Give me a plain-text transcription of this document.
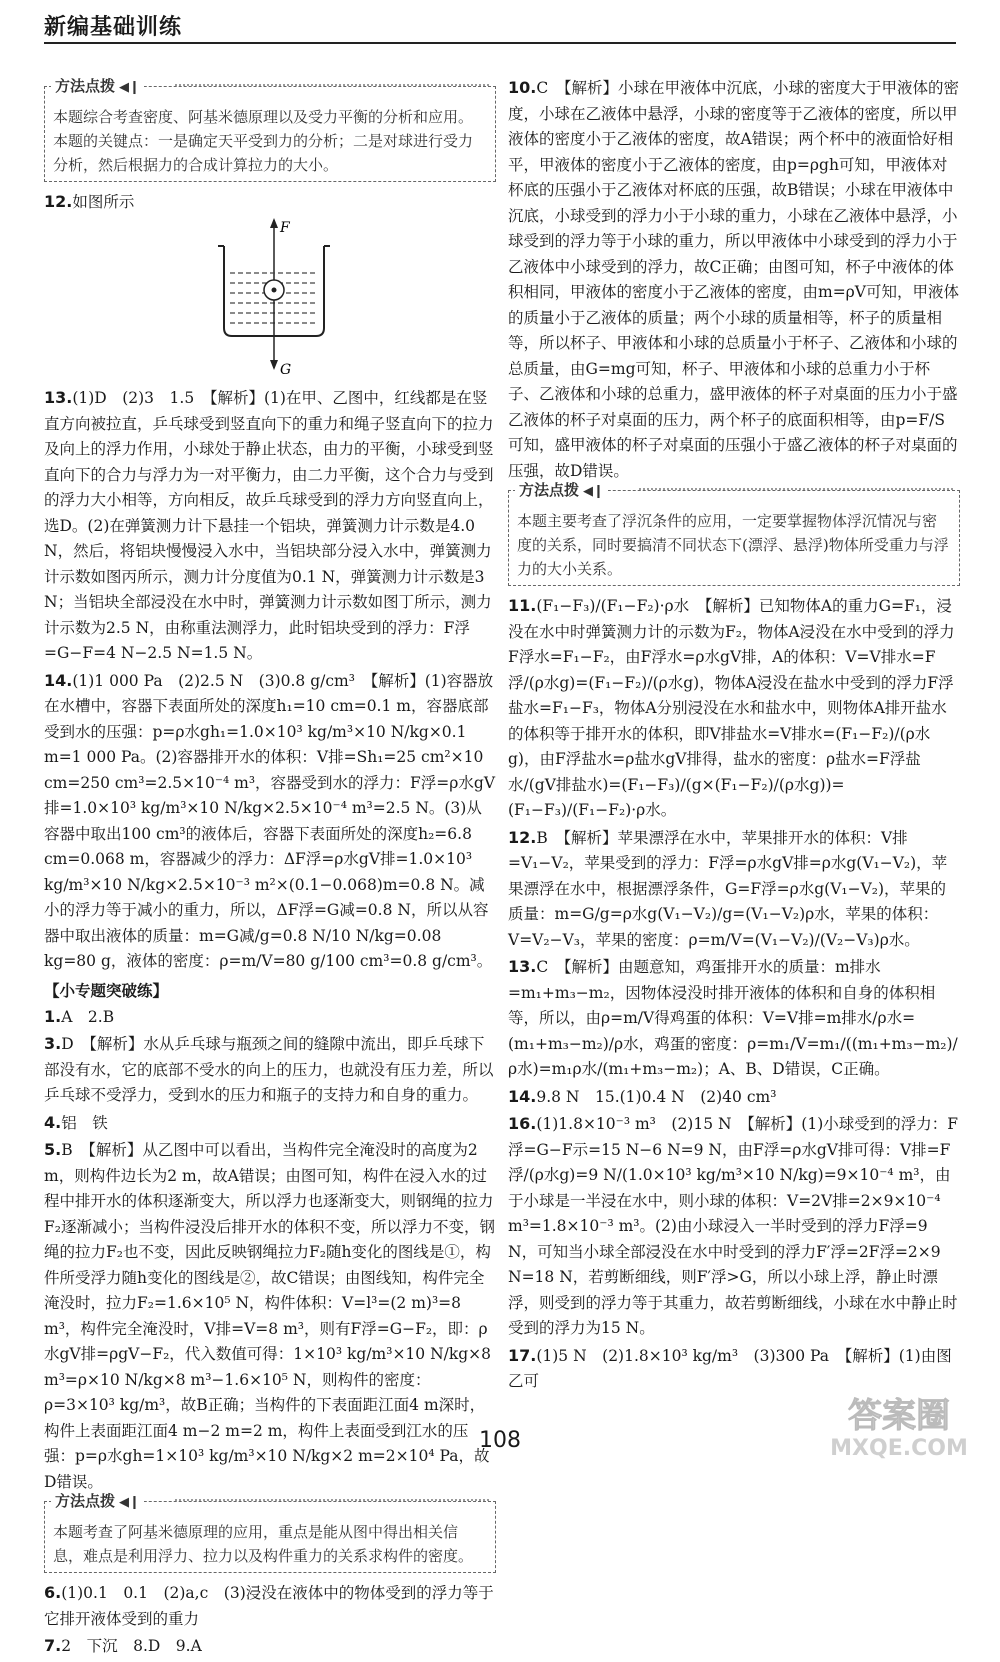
新编基础训练
方法点拨 ◀❙
本题综合考查密度、阿基米德原理以及受力平衡的分析和应用。本题的关键点：一是确定天平受到力的分析；二是对球进行受力分析，然后根据力的合成计算拉力的大小。
12.如图所示
F
G
13.(1)D　(2)3　1.5　【解析】(1)在甲、乙图中，红线都是在竖直方向被拉直，乒乓球受到竖直向下的重力和绳子竖直向下的拉力及向上的浮力作用，小球处于静止状态，由力的平衡，小球受到竖直向下的合力与浮力为一对平衡力，由二力平衡，这个合力与受到的浮力大小相等，方向相反，故乒乓球受到的浮力方向竖直向上，选D。(2)在弹簧测力计下悬挂一个铝块，弹簧测力计示数是4.0 N，然后，将铝块慢慢浸入水中，当铝块部分浸入水中，弹簧测力计示数如图丙所示，测力计分度值为0.1 N，弹簧测力计示数是3 N；当铝块全部浸没在水中时，弹簧测力计示数如图丁所示，测力计示数为2.5 N，由称重法测浮力，此时铝块受到的浮力：F浮=G−F=4 N−2.5 N=1.5 N。
14.(1)1 000 Pa　(2)2.5 N　(3)0.8 g/cm³　【解析】(1)容器放在水槽中，容器下表面所处的深度h₁=10 cm=0.1 m，容器底部受到水的压强：p=ρ水gh₁=1.0×10³ kg/m³×10 N/kg×0.1 m=1 000 Pa。(2)容器排开水的体积：V排=Sh₁=25 cm²×10 cm=250 cm³=2.5×10⁻⁴ m³，容器受到水的浮力：F浮=ρ水gV排=1.0×10³ kg/m³×10 N/kg×2.5×10⁻⁴ m³=2.5 N。(3)从容器中取出100 cm³的液体后，容器下表面所处的深度h₂=6.8 cm=0.068 m，容器减少的浮力：ΔF浮=ρ水gV排=1.0×10³ kg/m³×10 N/kg×2.5×10⁻³ m²×(0.1−0.068)m=0.8 N。减小的浮力等于减小的重力，所以，ΔF浮=G减=0.8 N，所以从容器中取出液体的质量：m=G减/g=0.8 N/10 N/kg=0.08 kg=80 g，液体的密度：ρ=m/V=80 g/100 cm³=0.8 g/cm³。
【小专题突破练】
1.A　2.B
3.D　【解析】水从乒乓球与瓶颈之间的缝隙中流出，即乒乓球下部没有水，它的底部不受水的向上的压力，也就没有压力差，所以乒乓球不受浮力，受到水的压力和瓶子的支持力和自身的重力。
4.铝　铁
5.B　【解析】从乙图中可以看出，当构件完全淹没时的高度为2 m，则构件边长为2 m，故A错误；由图可知，构件在浸入水的过程中排开水的体积逐渐变大，所以浮力也逐渐变大，则钢绳的拉力F₂逐渐减小；当构件浸没后排开水的体积不变，所以浮力不变，钢绳的拉力F₂也不变，因此反映钢绳拉力F₂随h变化的图线是①，构件所受浮力随h变化的图线是②，故C错误；由图线知，构件完全淹没时，拉力F₂=1.6×10⁵ N，构件体积：V=l³=(2 m)³=8 m³，构件完全淹没时，V排=V=8 m³，则有F浮=G−F₂，即：ρ水gV排=ρgV−F₂，代入数值可得：1×10³ kg/m³×10 N/kg×8 m³=ρ×10 N/kg×8 m³−1.6×10⁵ N，则构件的密度：ρ=3×10³ kg/m³，故B正确；当构件的下表面距江面4 m深时，构件上表面距江面4 m−2 m=2 m，构件上表面受到江水的压强：p=ρ水gh=1×10³ kg/m³×10 N/kg×2 m=2×10⁴ Pa，故D错误。
方法点拨 ◀❙
本题考查了阿基米德原理的应用，重点是能从图中得出相关信息，难点是利用浮力、拉力以及构件重力的关系求构件的密度。
6.(1)0.1　0.1　(2)a,c　(3)浸没在液体中的物体受到的浮力等于它排开液体受到的重力
7.2　下沉　8.D　9.A
10.C　【解析】小球在甲液体中沉底，小球的密度大于甲液体的密度，小球在乙液体中悬浮，小球的密度等于乙液体的密度，所以甲液体的密度小于乙液体的密度，故A错误；两个杯中的液面恰好相平，甲液体的密度小于乙液体的密度，由p=ρgh可知，甲液体对杯底的压强小于乙液体对杯底的压强，故B错误；小球在甲液体中沉底，小球受到的浮力小于小球的重力，小球在乙液体中悬浮，小球受到的浮力等于小球的重力，所以甲液体中小球受到的浮力小于乙液体中小球受到的浮力，故C正确；由图可知，杯子中液体的体积相同，甲液体的密度小于乙液体的密度，由m=ρV可知，甲液体的质量小于乙液体的质量；两个小球的质量相等，杯子的质量相等，所以杯子、甲液体和小球的总质量小于杯子、乙液体和小球的总质量，由G=mg可知，杯子、甲液体和小球的总重力小于杯子、乙液体和小球的总重力，盛甲液体的杯子对桌面的压力小于盛乙液体的杯子对桌面的压力，两个杯子的底面积相等，由p=F/S可知，盛甲液体的杯子对桌面的压强小于盛乙液体的杯子对桌面的压强，故D错误。
方法点拨 ◀❙
本题主要考查了浮沉条件的应用，一定要掌握物体浮沉情况与密度的关系，同时要搞清不同状态下(漂浮、悬浮)物体所受重力与浮力的大小关系。
11.(F₁−F₃)/(F₁−F₂)·ρ水　【解析】已知物体A的重力G=F₁，浸没在水中时弹簧测力计的示数为F₂，物体A浸没在水中受到的浮力F浮水=F₁−F₂，由F浮水=ρ水gV排，A的体积：V=V排水=F浮/(ρ水g)=(F₁−F₂)/(ρ水g)，物体A浸没在盐水中受到的浮力F浮盐水=F₁−F₃，物体A分别浸没在水和盐水中，则物体A排开盐水的体积等于排开水的体积，即V排盐水=V排水=(F₁−F₂)/(ρ水g)，由F浮盐水=ρ盐水gV排得，盐水的密度：ρ盐水=F浮盐水/(gV排盐水)=(F₁−F₃)/(g×(F₁−F₂)/(ρ水g))=(F₁−F₃)/(F₁−F₂)·ρ水。
12.B　【解析】苹果漂浮在水中，苹果排开水的体积：V排=V₁−V₂，苹果受到的浮力：F浮=ρ水gV排=ρ水g(V₁−V₂)，苹果漂浮在水中，根据漂浮条件，G=F浮=ρ水g(V₁−V₂)，苹果的质量：m=G/g=ρ水g(V₁−V₂)/g=(V₁−V₂)ρ水，苹果的体积：V=V₂−V₃，苹果的密度：ρ=m/V=(V₁−V₂)/(V₂−V₃)ρ水。
13.C　【解析】由题意知，鸡蛋排开水的质量：m排水=m₁+m₃−m₂，因物体浸没时排开液体的体积和自身的体积相等，所以，由ρ=m/V得鸡蛋的体积：V=V排=m排水/ρ水=(m₁+m₃−m₂)/ρ水，鸡蛋的密度：ρ=m₁/V=m₁/((m₁+m₃−m₂)/ρ水)=m₁ρ水/(m₁+m₃−m₂)；A、B、D错误，C正确。
14.9.8 N　15.(1)0.4 N　(2)40 cm³
16.(1)1.8×10⁻³ m³　(2)15 N　【解析】(1)小球受到的浮力：F浮=G−F示=15 N−6 N=9 N，由F浮=ρ水gV排可得：V排=F浮/(ρ水g)=9 N/(1.0×10³ kg/m³×10 N/kg)=9×10⁻⁴ m³，由于小球是一半浸在水中，则小球的体积：V=2V排=2×9×10⁻⁴ m³=1.8×10⁻³ m³。(2)由小球浸入一半时受到的浮力F浮=9 N，可知当小球全部浸没在水中时受到的浮力F′浮=2F浮=2×9 N=18 N，若剪断细线，则F′浮>G，所以小球上浮，静止时漂浮，则受到的浮力等于其重力，故若剪断细线，小球在水中静止时受到的浮力为15 N。
17.(1)5 N　(2)1.8×10³ kg/m³　(3)300 Pa　【解析】(1)由图乙可
108
答案圈
MXQE.COM
